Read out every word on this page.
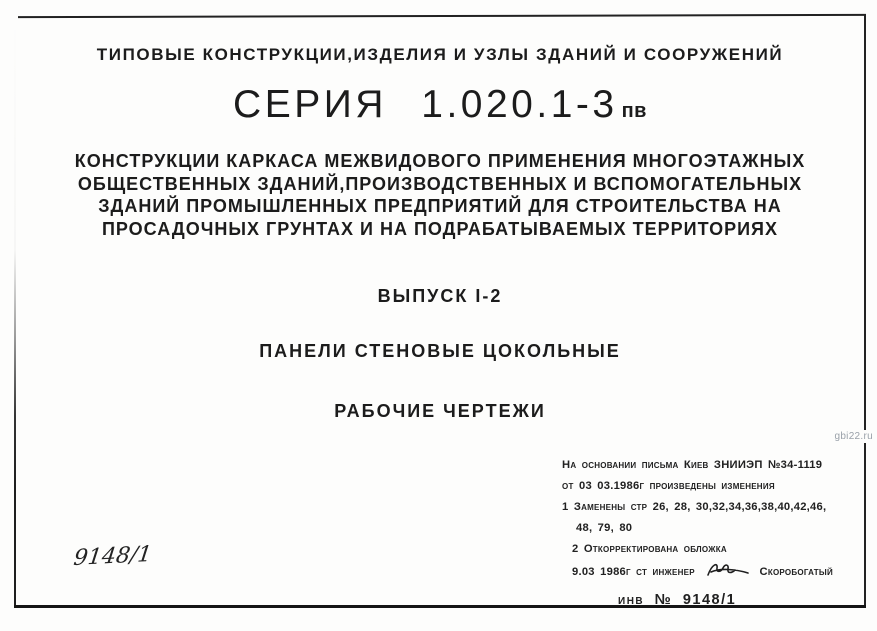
ТИПОВЫЕ КОНСТРУКЦИИ,ИЗДЕЛИЯ И УЗЛЫ ЗДАНИЙ И СООРУЖЕНИЙ
СЕРИЯ 1.020.1-3 пв
КОНСТРУКЦИИ КАРКАСА МЕЖВИДОВОГО ПРИМЕНЕНИЯ МНОГОЭТАЖНЫХ
ОБЩЕСТВЕННЫХ ЗДАНИЙ,ПРОИЗВОДСТВЕННЫХ И ВСПОМОГАТЕЛЬНЫХ
ЗДАНИЙ ПРОМЫШЛЕННЫХ ПРЕДПРИЯТИЙ ДЛЯ СТРОИТЕЛЬСТВА НА
ПРОСАДОЧНЫХ ГРУНТАХ И НА ПОДРАБАТЫВАЕМЫХ ТЕРРИТОРИЯХ
ВЫПУСК I-2
ПАНЕЛИ СТЕНОВЫЕ ЦОКОЛЬНЫЕ
РАБОЧИЕ ЧЕРТЕЖИ
gbi22.ru
9148/1
На основании письма Киев ЗНИИЭП №34-1119
от 03 03.1986г произведены изменения
1 Заменены стр 26, 28, 30,32,34,36,38,40,42,46,
48, 79, 80
2 Откорректирована обложка
9.03 1986г ст инженер	Скоробогатый
инв № 9148/1
